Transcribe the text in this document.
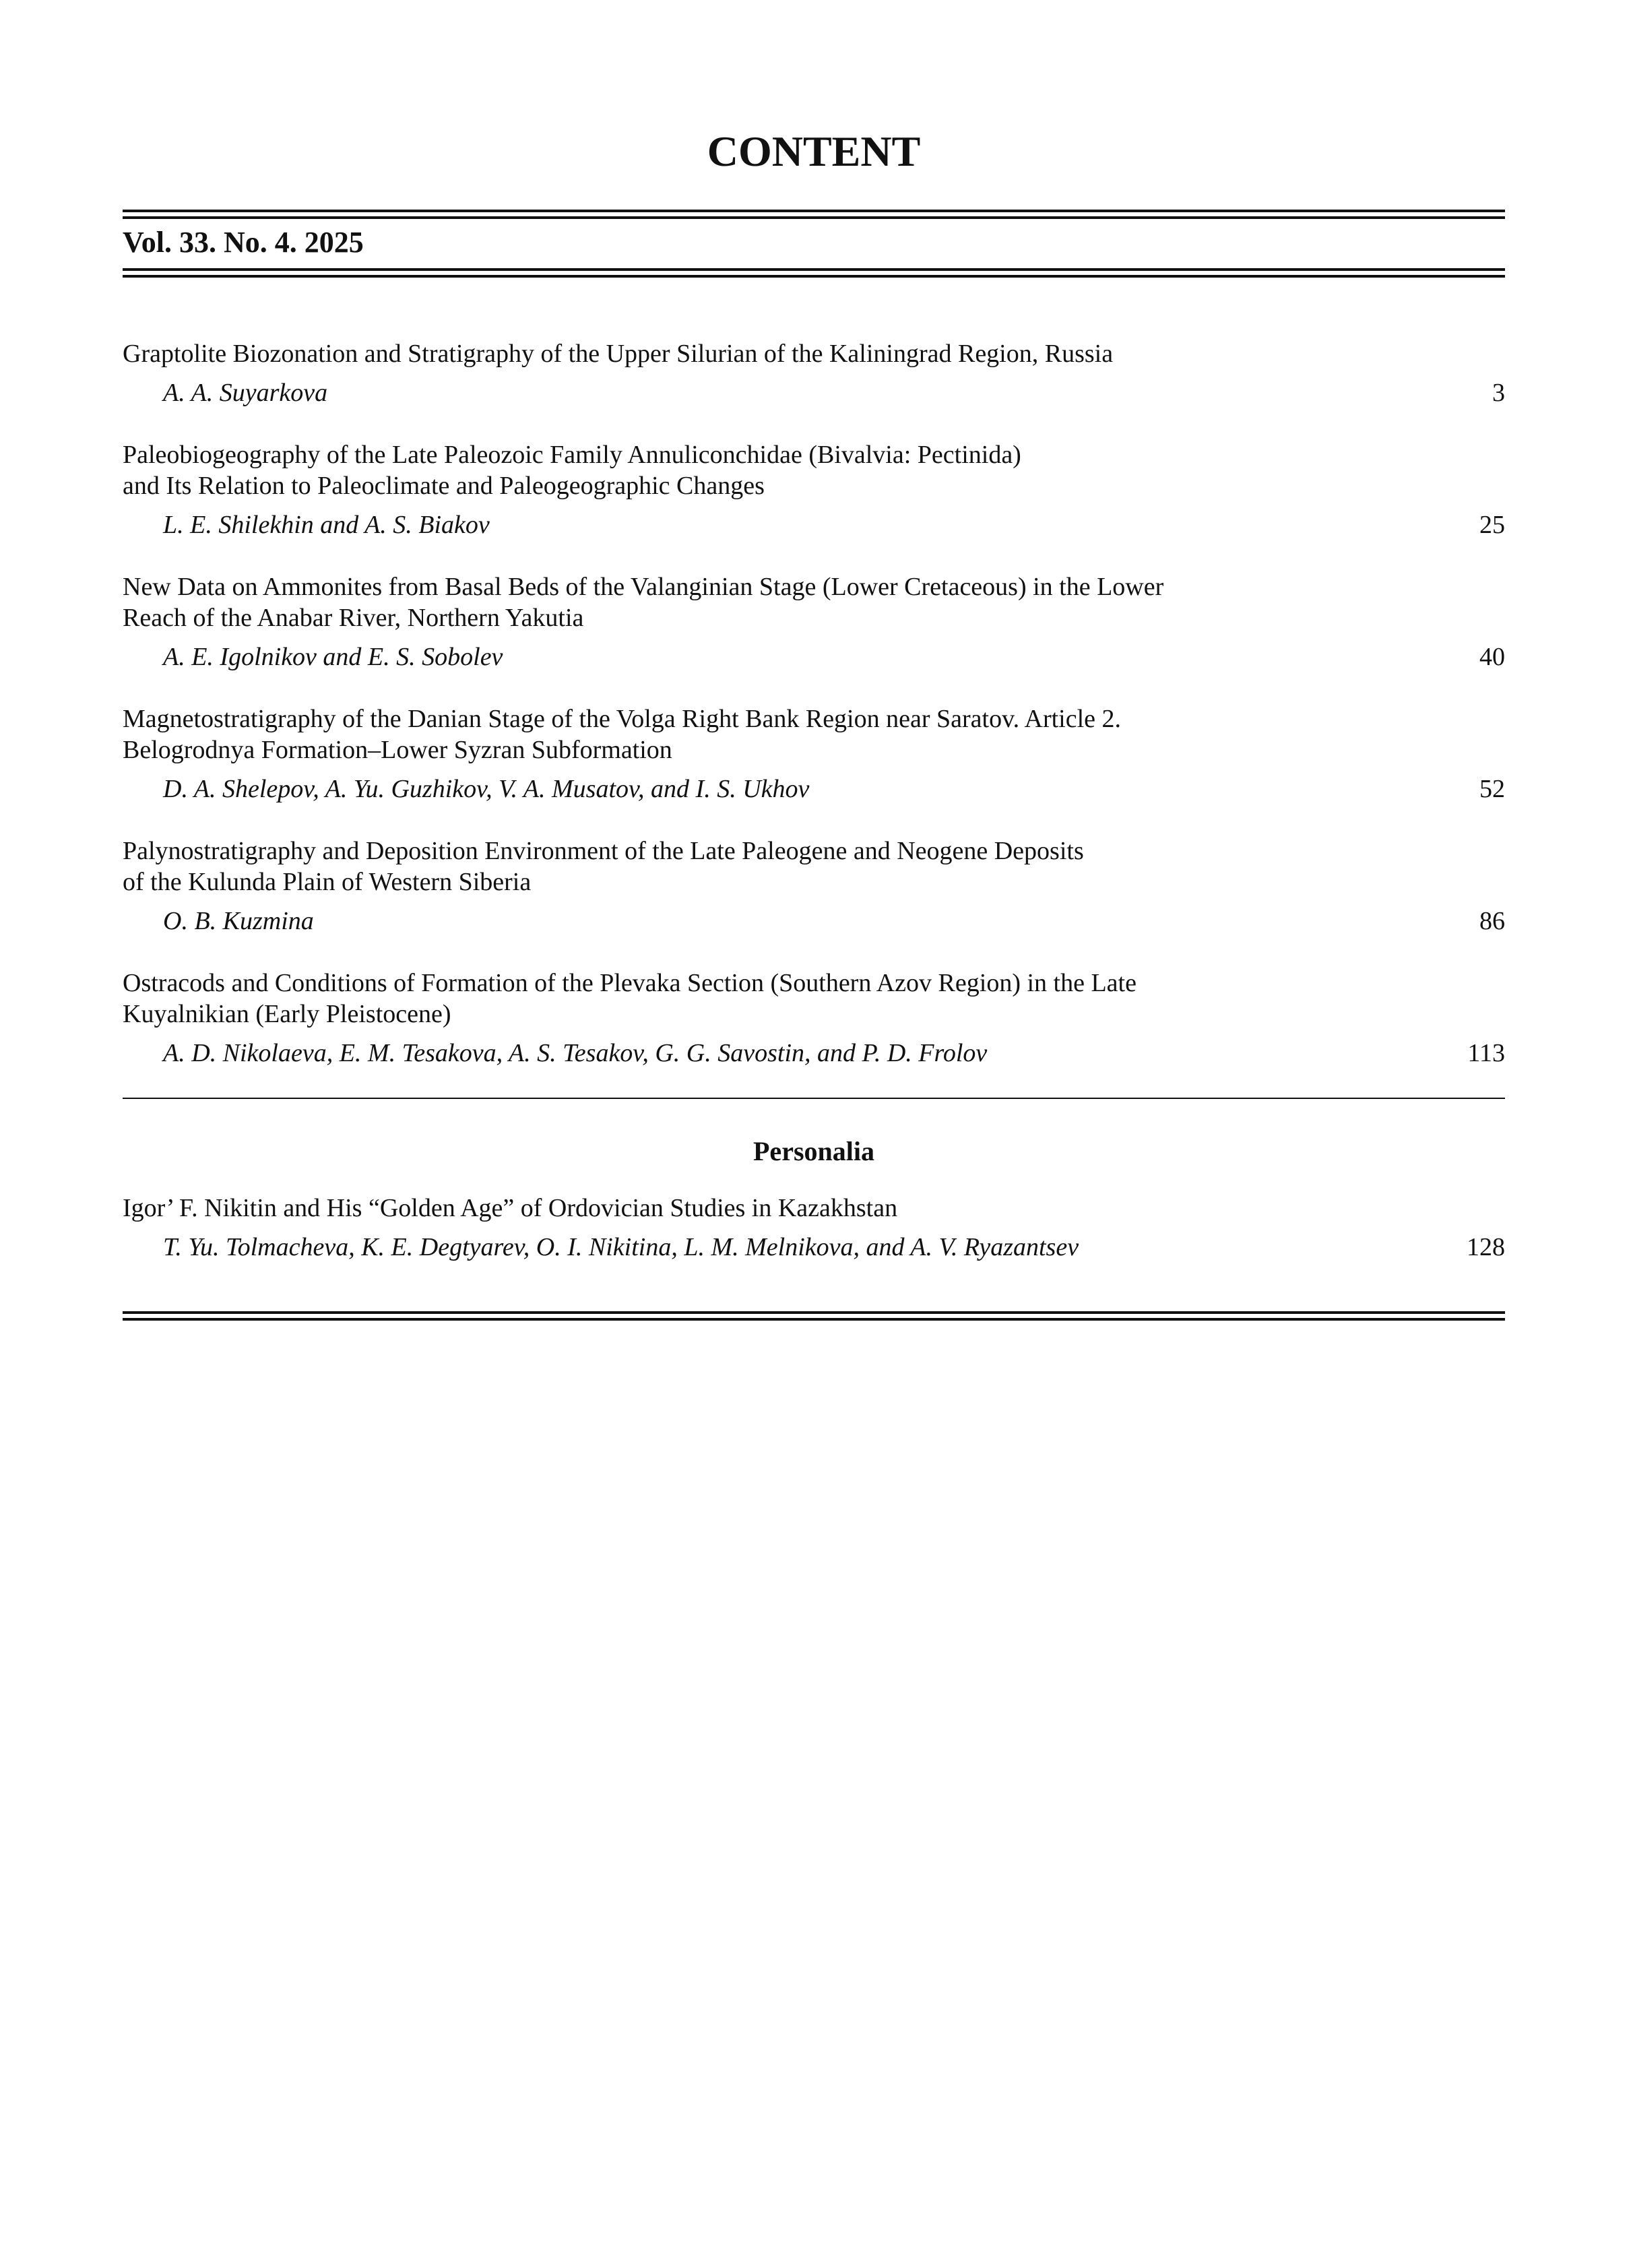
CONTENT
Vol. 33. No. 4. 2025
Graptolite Biozonation and Stratigraphy of the Upper Silurian of the Kaliningrad Region, Russia
A. A. Suyarkova	3
Paleobiogeography of the Late Paleozoic Family Annuliconchidae (Bivalvia: Pectinida)
and Its Relation to Paleoclimate and Paleogeographic Changes
L. E. Shilekhin and A. S. Biakov	25
New Data on Ammonites from Basal Beds of the Valanginian Stage (Lower Cretaceous) in the Lower
Reach of the Anabar River, Northern Yakutia
A. E. Igolnikov and E. S. Sobolev	40
Magnetostratigraphy of the Danian Stage of the Volga Right Bank Region near Saratov. Article 2.
Belogrodnya Formation–Lower Syzran Subformation
D. A. Shelepov, A. Yu. Guzhikov, V. A. Musatov, and I. S. Ukhov	52
Palynostratigraphy and Deposition Environment of the Late Paleogene and Neogene Deposits
of the Kulunda Plain of Western Siberia
O. B. Kuzmina	86
Ostracods and Conditions of Formation of the Plevaka Section (Southern Azov Region) in the Late
Kuyalnikian (Early Pleistocene)
A. D. Nikolaeva, E. M. Tesakova, A. S. Tesakov, G. G. Savostin, and P. D. Frolov	113
Personalia
Igor’ F. Nikitin and His “Golden Age” of Ordovician Studies in Kazakhstan
T. Yu. Tolmacheva, K. E. Degtyarev, O. I. Nikitina, L. M. Melnikova, and A. V. Ryazantsev	128
